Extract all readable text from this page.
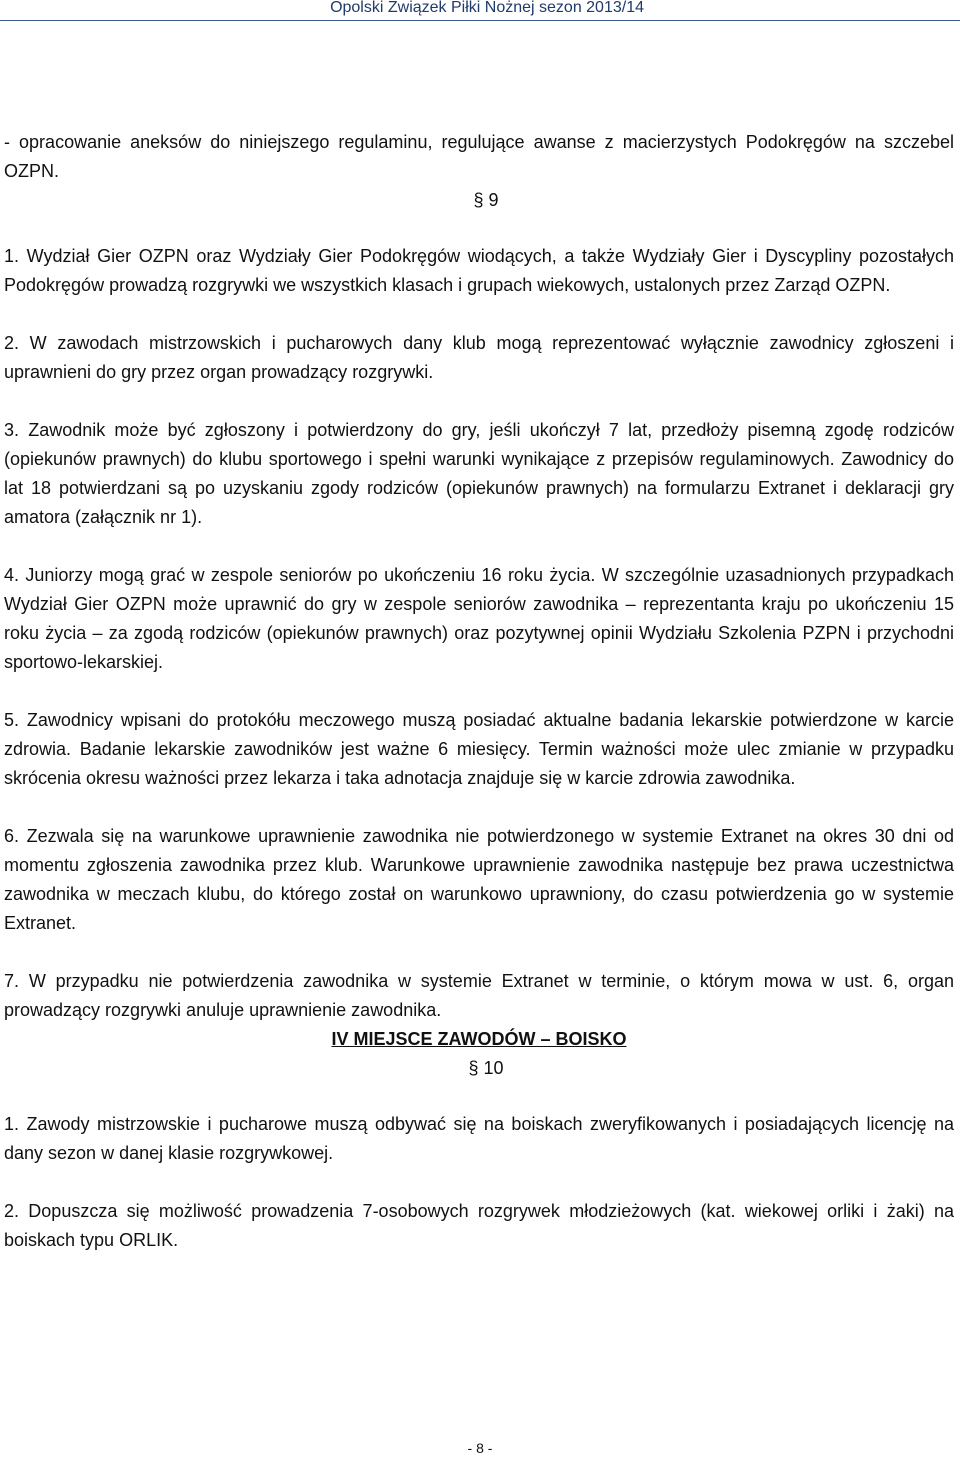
Opolski Związek Piłki Nożnej sezon 2013/14

- opracowanie aneksów do niniejszego regulaminu, regulujące awanse z macierzystych Podokręgów na szczebel OZPN.

§ 9

1. Wydział Gier OZPN oraz Wydziały Gier Podokręgów wiodących, a także Wydziały Gier i Dyscypliny pozostałych Podokręgów prowadzą rozgrywki we wszystkich klasach i grupach wiekowych, ustalonych przez Zarząd OZPN.

2. W zawodach mistrzowskich i pucharowych dany klub mogą reprezentować wyłącznie zawodnicy zgłoszeni i uprawnieni do gry przez organ prowadzący rozgrywki.

3. Zawodnik może być zgłoszony i potwierdzony do gry, jeśli ukończył 7 lat, przedłoży pisemną zgodę rodziców (opiekunów prawnych) do klubu sportowego i spełni warunki wynikające z przepisów regulaminowych. Zawodnicy do lat 18 potwierdzani są po uzyskaniu zgody rodziców (opiekunów prawnych) na formularzu Extranet i deklaracji gry amatora (załącznik nr 1).

4. Juniorzy mogą grać w zespole seniorów po ukończeniu 16 roku życia. W szczególnie uzasadnionych przypadkach Wydział Gier OZPN może uprawnić do gry w zespole seniorów zawodnika – reprezentanta kraju po ukończeniu 15 roku życia – za zgodą rodziców (opiekunów prawnych) oraz pozytywnej opinii Wydziału Szkolenia PZPN i przychodni sportowo-lekarskiej.

5. Zawodnicy wpisani do protokółu meczowego muszą posiadać aktualne badania lekarskie potwierdzone w karcie zdrowia. Badanie lekarskie zawodników jest ważne 6 miesięcy. Termin ważności może ulec zmianie w przypadku skrócenia okresu ważności przez lekarza i taka adnotacja znajduje się w karcie zdrowia zawodnika.

6. Zezwala się na warunkowe uprawnienie zawodnika nie potwierdzonego w systemie Extranet na okres 30 dni od momentu zgłoszenia zawodnika przez klub. Warunkowe uprawnienie zawodnika następuje bez prawa uczestnictwa zawodnika w meczach klubu, do którego został on warunkowo uprawniony, do czasu potwierdzenia go w systemie Extranet.

7. W przypadku nie potwierdzenia zawodnika w systemie Extranet w terminie, o którym mowa w ust. 6, organ prowadzący rozgrywki anuluje uprawnienie zawodnika.

IV MIEJSCE ZAWODÓW – BOISKO

§ 10

1. Zawody mistrzowskie i pucharowe muszą odbywać się na boiskach zweryfikowanych i posiadających licencję na dany sezon w danej klasie rozgrywkowej.

2. Dopuszcza się możliwość prowadzenia 7-osobowych rozgrywek młodzieżowych (kat. wiekowej orliki i żaki) na boiskach typu ORLIK.

- 8 -
